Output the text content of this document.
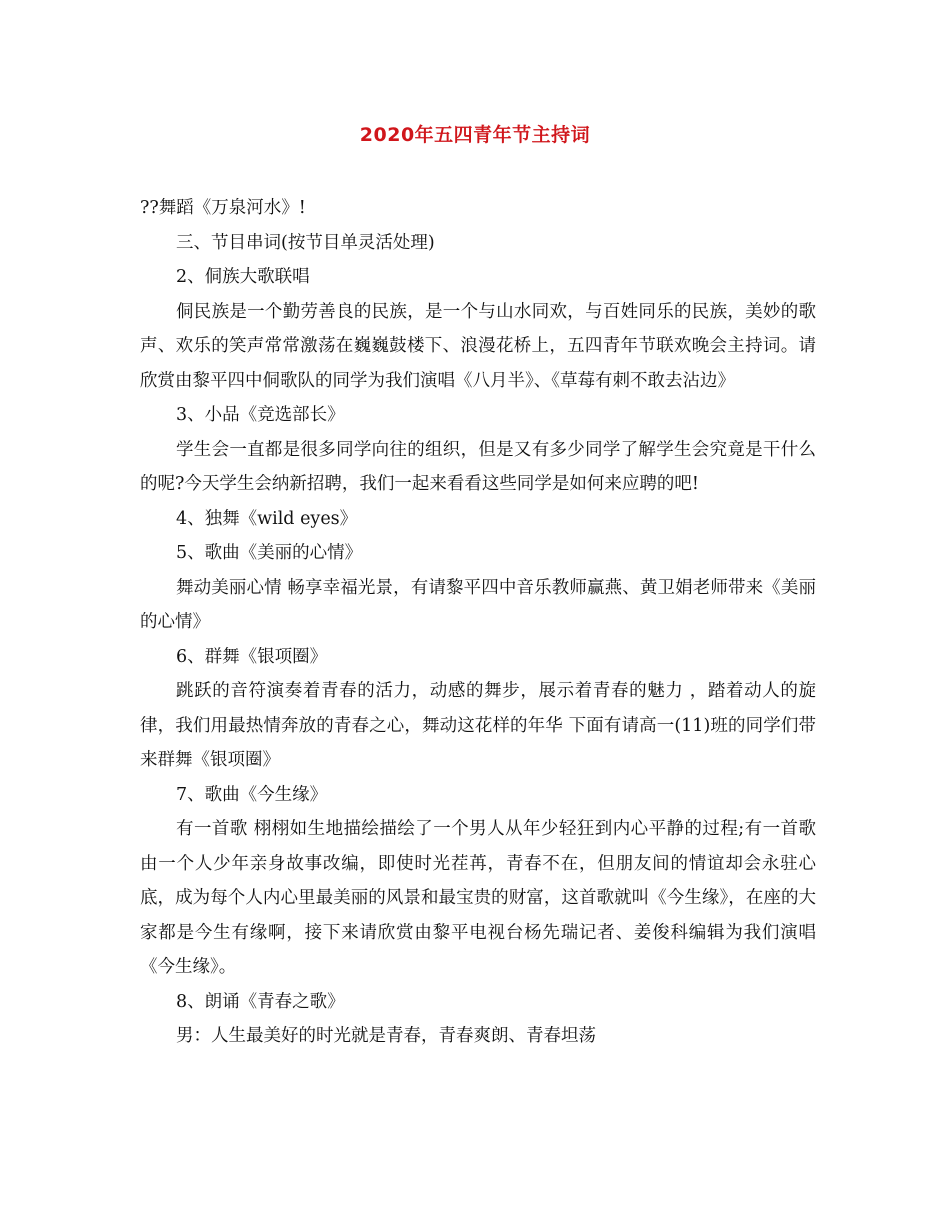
2020年五四青年节主持词

??舞蹈《万泉河水》!

三、节目串词(按节目单灵活处理)

2、侗族大歌联唱

侗民族是一个勤劳善良的民族，是一个与山水同欢，与百姓同乐的民族，美妙的歌声、欢乐的笑声常常激荡在巍巍鼓楼下、浪漫花桥上，五四青年节联欢晚会主持词。请欣赏由黎平四中侗歌队的同学为我们演唱《八月半》、《草莓有刺不敢去沾边》

3、小品《竞选部长》

学生会一直都是很多同学向往的组织，但是又有多少同学了解学生会究竟是干什么的呢?今天学生会纳新招聘，我们一起来看看这些同学是如何来应聘的吧!

4、独舞《wild eyes》

5、歌曲《美丽的心情》

舞动美丽心情 畅享幸福光景，有请黎平四中音乐教师赢燕、黄卫娟老师带来《美丽的心情》

6、群舞《银项圈》

跳跃的音符演奏着青春的活力，动感的舞步，展示着青春的魅力 ，踏着动人的旋律，我们用最热情奔放的青春之心，舞动这花样的年华 下面有请高一(11)班的同学们带来群舞《银项圈》

7、歌曲《今生缘》

有一首歌 栩栩如生地描绘描绘了一个男人从年少轻狂到内心平静的过程;有一首歌由一个人少年亲身故事改编，即使时光茬苒，青春不在，但朋友间的情谊却会永驻心底，成为每个人内心里最美丽的风景和最宝贵的财富，这首歌就叫《今生缘》，在座的大家都是今生有缘啊，接下来请欣赏由黎平电视台杨先瑞记者、姜俊科编辑为我们演唱《今生缘》。

8、朗诵《青春之歌》

男：人生最美好的时光就是青春，青春爽朗、青春坦荡
